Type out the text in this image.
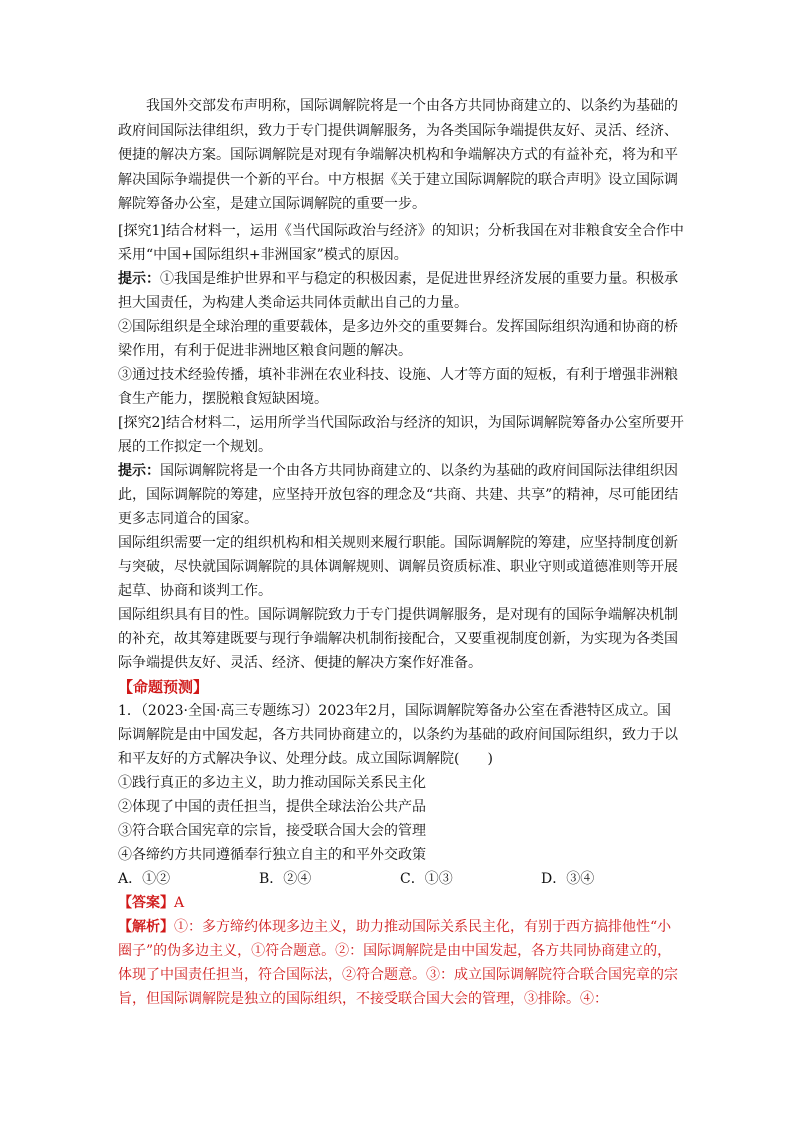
我国外交部发布声明称，国际调解院将是一个由各方共同协商建立的、以条约为基础的政府间国际法律组织，致力于专门提供调解服务，为各类国际争端提供友好、灵活、经济、便捷的解决方案。国际调解院是对现有争端解决机构和争端解决方式的有益补充，将为和平解决国际争端提供一个新的平台。中方根据《关于建立国际调解院的联合声明》设立国际调解院筹备办公室，是建立国际调解院的重要一步。

[探究1]结合材料一，运用《当代国际政治与经济》的知识；分析我国在对非粮食安全合作中采用“中国+国际组织+非洲国家”模式的原因。
提示：①我国是维护世界和平与稳定的积极因素，是促进世界经济发展的重要力量。积极承担大国责任，为构建人类命运共同体贡献出自己的力量。
②国际组织是全球治理的重要载体，是多边外交的重要舞台。发挥国际组织沟通和协商的桥梁作用，有利于促进非洲地区粮食问题的解决。
③通过技术经验传播，填补非洲在农业科技、设施、人才等方面的短板，有利于增强非洲粮食生产能力，摆脱粮食短缺困境。
[探究2]结合材料二，运用所学当代国际政治与经济的知识，为国际调解院筹备办公室所要开展的工作拟定一个规划。
提示：国际调解院将是一个由各方共同协商建立的、以条约为基础的政府间国际法律组织因此，国际调解院的筹建，应坚持开放包容的理念及“共商、共建、共享”的精神，尽可能团结更多志同道合的国家。
国际组织需要一定的组织机构和相关规则来履行职能。国际调解院的筹建，应坚持制度创新与突破，尽快就国际调解院的具体调解规则、调解员资质标准、职业守则或道德准则等开展起草、协商和谈判工作。
国际组织具有目的性。国际调解院致力于专门提供调解服务，是对现有的国际争端解决机制的补充，故其筹建既要与现行争端解决机制衔接配合，又要重视制度创新，为实现为各类国际争端提供友好、灵活、经济、便捷的解决方案作好准备。
【命题预测】
1．（2023·全国·高三专题练习）2023年2月，国际调解院筹备办公室在香港特区成立。国际调解院是由中国发起，各方共同协商建立的，以条约为基础的政府间国际组织，致力于以和平友好的方式解决争议、处理分歧。成立国际调解院(　　)
①践行真正的多边主义，助力推动国际关系民主化
②体现了中国的责任担当，提供全球法治公共产品
③符合联合国宪章的宗旨，接受联合国大会的管理
④各缔约方共同遵循奉行独立自主的和平外交政策
A．①②	B．②④	C．①③	D．③④
【答案】A
【解析】①：多方缔约体现多边主义，助力推动国际关系民主化，有别于西方搞排他性“小圈子”的伪多边主义，①符合题意。②：国际调解院是由中国发起，各方共同协商建立的，体现了中国责任担当，符合国际法，②符合题意。③：成立国际调解院符合联合国宪章的宗旨，但国际调解院是独立的国际组织，不接受联合国大会的管理，③排除。④：
